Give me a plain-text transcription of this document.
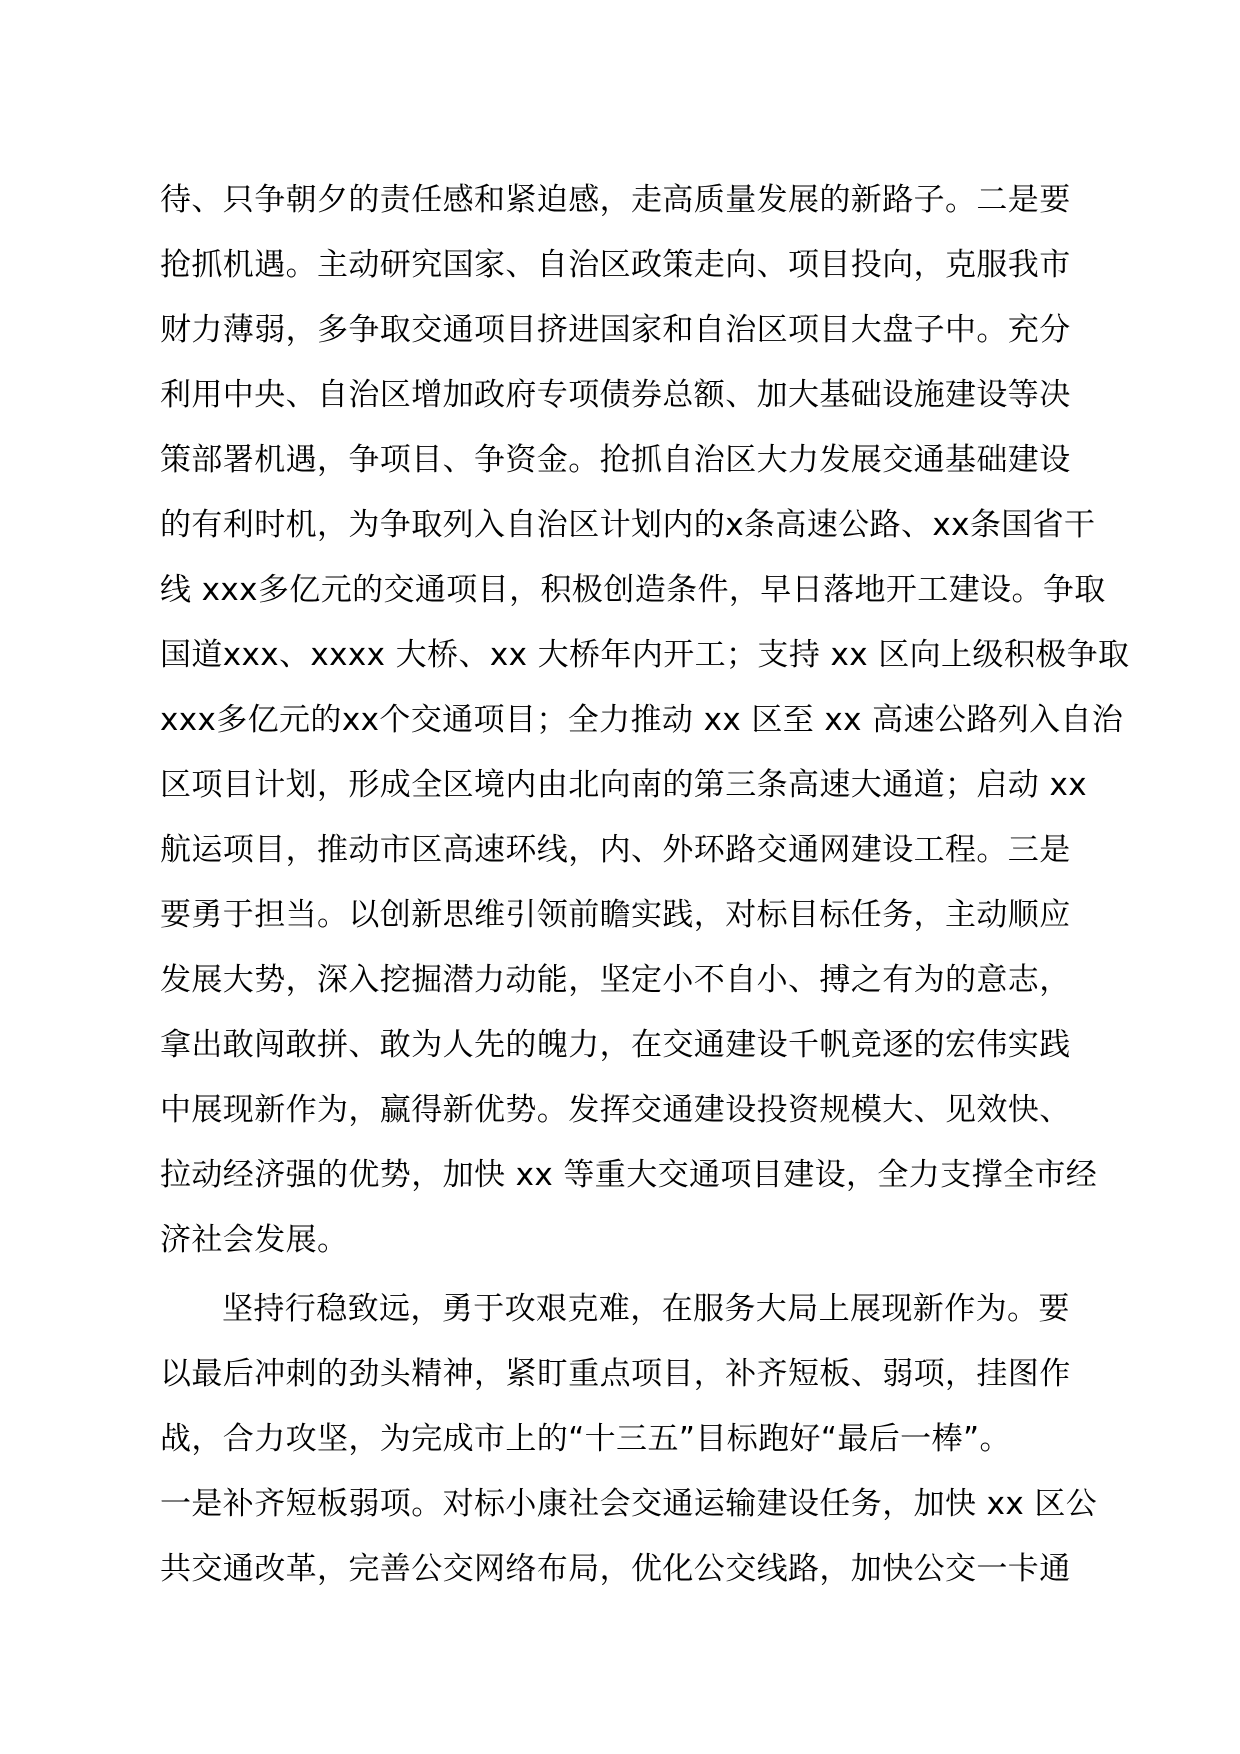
待、只争朝夕的责任感和紧迫感，走高质量发展的新路子。二是要
抢抓机遇。主动研究国家、自治区政策走向、项目投向，克服我市
财力薄弱，多争取交通项目挤进国家和自治区项目大盘子中。充分
利用中央、自治区增加政府专项债券总额、加大基础设施建设等决
策部署机遇，争项目、争资金。抢抓自治区大力发展交通基础建设
的有利时机，为争取列入自治区计划内的x条高速公路、xx条国省干
线 xxx多亿元的交通项目，积极创造条件，早日落地开工建设。争取
国道xxx、xxxx 大桥、xx 大桥年内开工；支持 xx 区向上级积极争取
xxx多亿元的xx个交通项目；全力推动 xx 区至 xx 高速公路列入自治
区项目计划，形成全区境内由北向南的第三条高速大通道；启动 xx
航运项目，推动市区高速环线，内、外环路交通网建设工程。三是
要勇于担当。以创新思维引领前瞻实践，对标目标任务，主动顺应
发展大势，深入挖掘潜力动能，坚定小不自小、搏之有为的意志，
拿出敢闯敢拼、敢为人先的魄力，在交通建设千帆竞逐的宏伟实践
中展现新作为，赢得新优势。发挥交通建设投资规模大、见效快、
拉动经济强的优势，加快 xx 等重大交通项目建设，全力支撑全市经
济社会发展。
坚持行稳致远，勇于攻艰克难，在服务大局上展现新作为。要
以最后冲刺的劲头精神，紧盯重点项目，补齐短板、弱项，挂图作
战，合力攻坚，为完成市上的“十三五”目标跑好“最后一棒”。
一是补齐短板弱项。对标小康社会交通运输建设任务，加快 xx 区公
共交通改革，完善公交网络布局，优化公交线路，加快公交一卡通
